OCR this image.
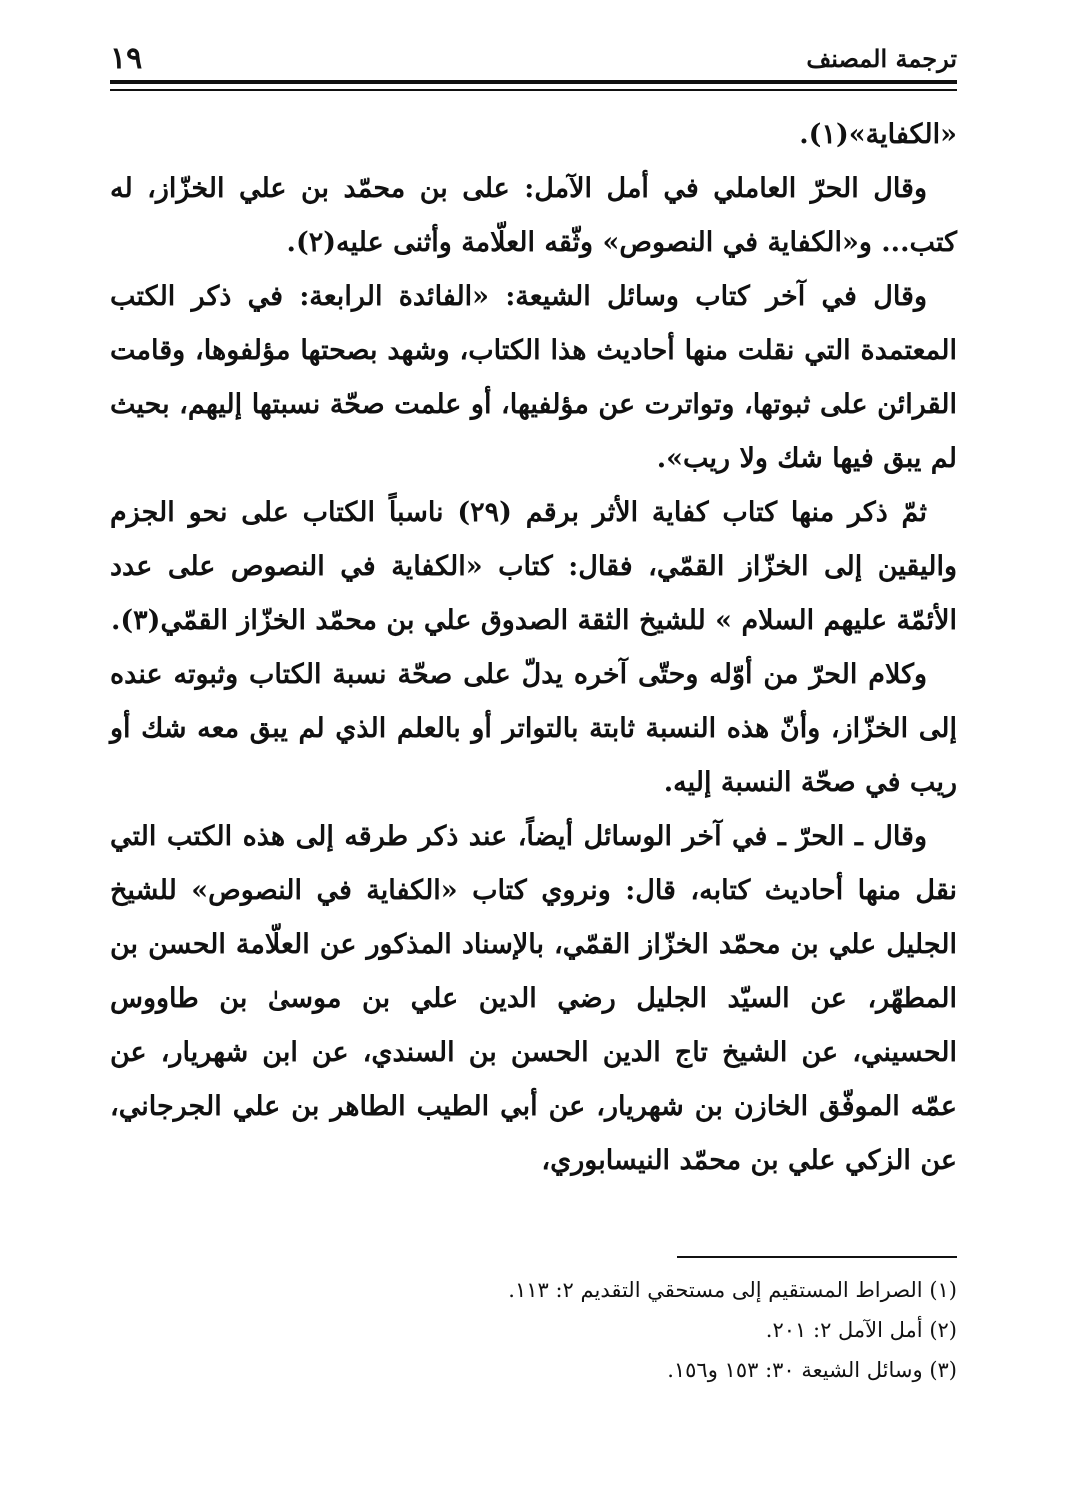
١٩	ترجمة المصنف

«الكفاية»(١).

وقال الحرّ العاملي في أمل الآمل: على بن محمّد بن علي الخزّاز، له كتب... و«الكفاية في النصوص» وثّقه العلّامة وأثنى عليه(٢).

وقال في آخر كتاب وسائل الشيعة: «الفائدة الرابعة: في ذكر الكتب المعتمدة التي نقلت منها أحاديث هذا الكتاب، وشهد بصحتها مؤلفوها، وقامت القرائن على ثبوتها، وتواترت عن مؤلفيها، أو علمت صحّة نسبتها إليهم، بحيث لم يبق فيها شك ولا ريب».

ثمّ ذكر منها كتاب كفاية الأثر برقم (٢٩) ناسباً الكتاب على نحو الجزم واليقين إلى الخزّاز القمّي، فقال: كتاب «الكفاية في النصوص على عدد الأئمّة عليهم السلام » للشيخ الثقة الصدوق علي بن محمّد الخزّاز القمّي(٣).

وكلام الحرّ من أوّله وحتّى آخره يدلّ على صحّة نسبة الكتاب وثبوته عنده إلى الخزّاز، وأنّ هذه النسبة ثابتة بالتواتر أو بالعلم الذي لم يبق معه شك أو ريب في صحّة النسبة إليه.

وقال ـ الحرّ ـ في آخر الوسائل أيضاً، عند ذكر طرقه إلى هذه الكتب التي نقل منها أحاديث كتابه، قال: ونروي كتاب «الكفاية في النصوص» للشيخ الجليل علي بن محمّد الخزّاز القمّي، بالإسناد المذكور عن العلّامة الحسن بن المطهّر، عن السيّد الجليل رضي الدين علي بن موسىٰ بن طاووس الحسيني، عن الشيخ تاج الدين الحسن بن السندي، عن ابن شهريار، عن عمّه الموفّق الخازن بن شهريار، عن أبي الطيب الطاهر بن علي الجرجاني، عن الزكي علي بن محمّد النيسابوري،

(١) الصراط المستقيم إلى مستحقي التقديم ٢: ١١٣.
(٢) أمل الآمل ٢: ٢٠١.
(٣) وسائل الشيعة ٣٠: ١٥٣ و١٥٦.
